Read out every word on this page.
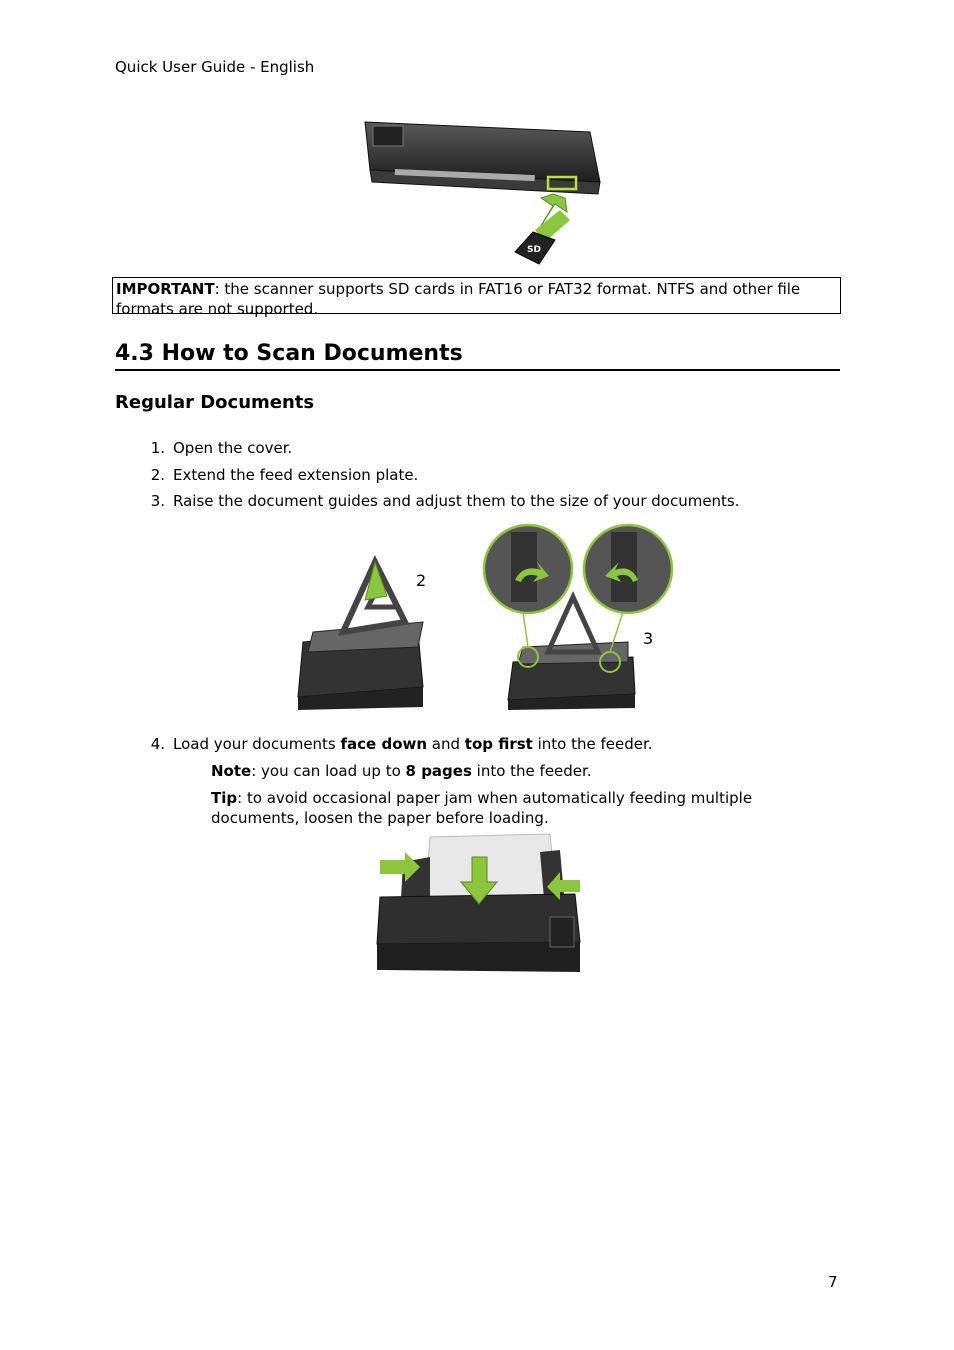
Quick User Guide - English
SD
IMPORTANT: the scanner supports SD cards in FAT16 or FAT32 format. NTFS and other file formats are not supported.
4.3 How to Scan Documents
Regular Documents
1. Open the cover.
2. Extend the feed extension plate.
3. Raise the document guides and adjust them to the size of your documents.
2
3
4. Load your documents face down and top first into the feeder.
Note: you can load up to 8 pages into the feeder.
Tip: to avoid occasional paper jam when automatically feeding multiple
documents, loosen the paper before loading.
7
